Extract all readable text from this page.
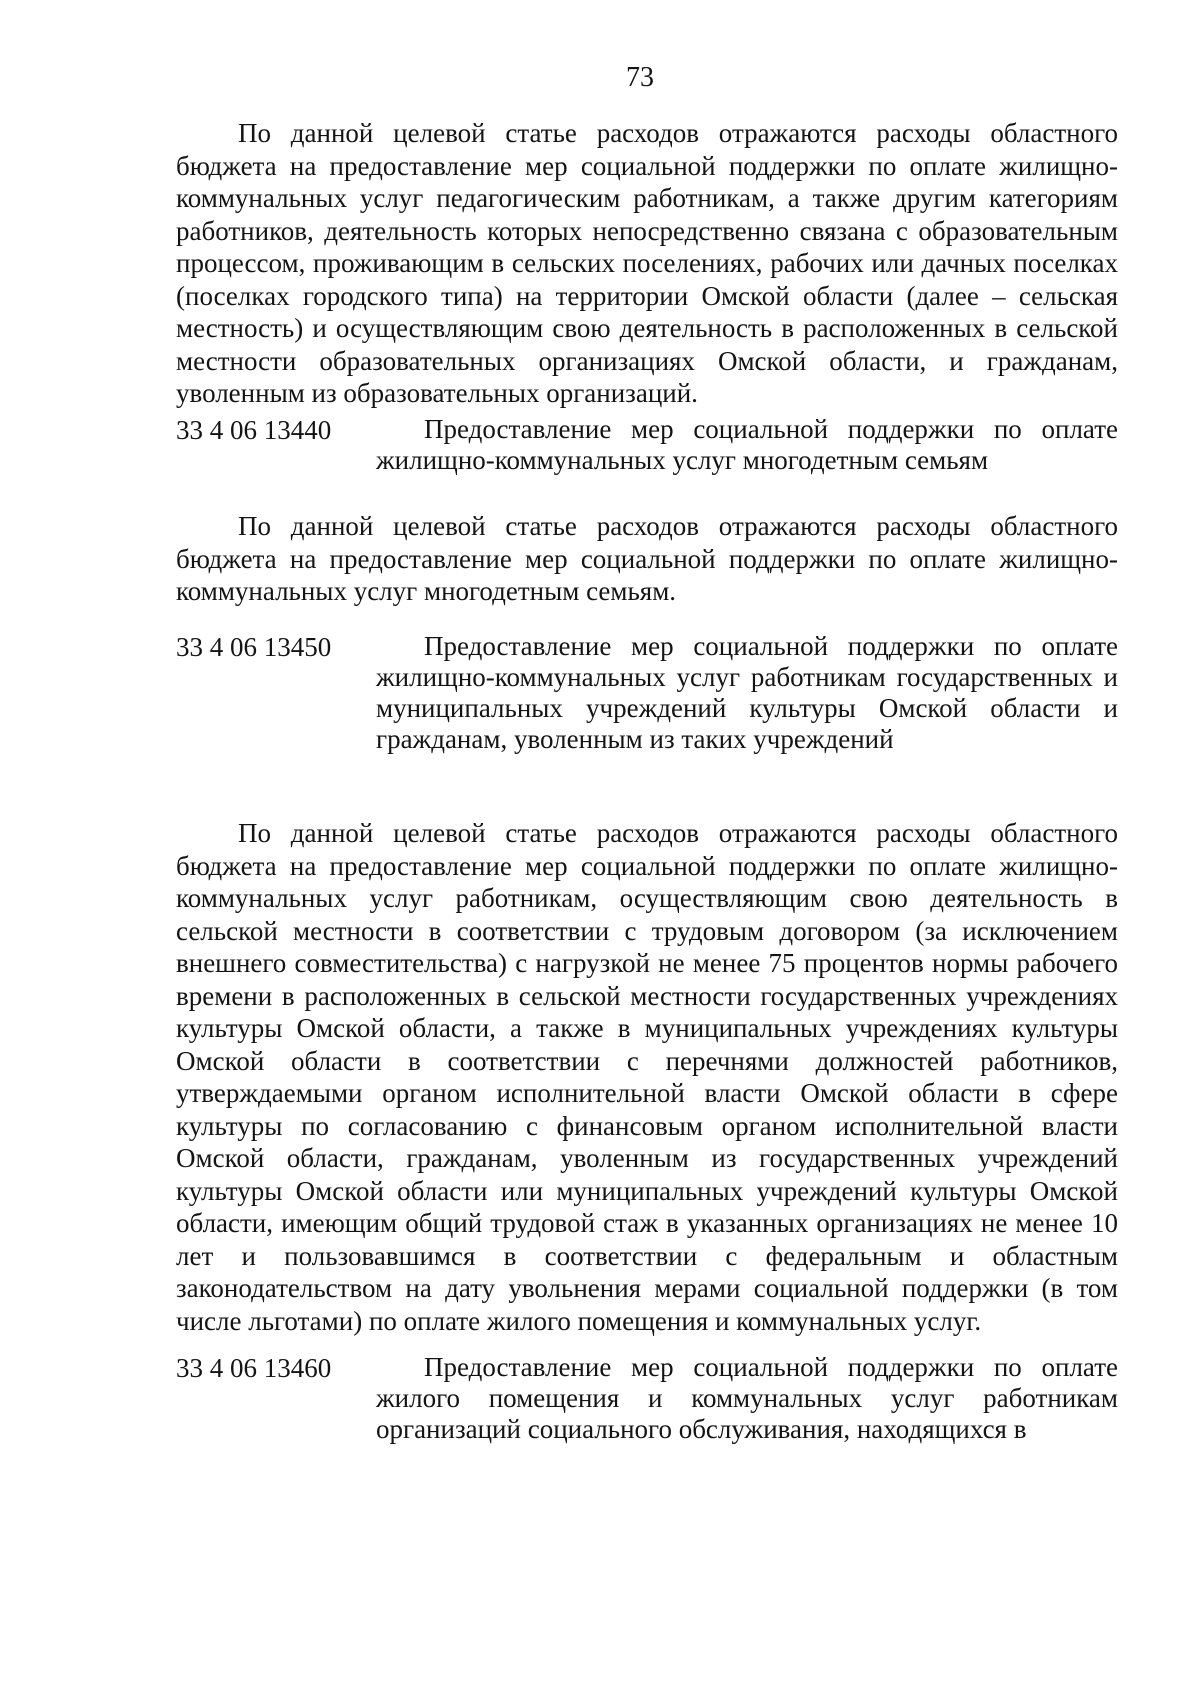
73

По данной целевой статье расходов отражаются расходы областного бюджета на предоставление мер социальной поддержки по оплате жилищно-коммунальных услуг педагогическим работникам, а также другим категориям работников, деятельность которых непосредственно связана с образовательным процессом, проживающим в сельских поселениях, рабочих или дачных поселках (поселках городского типа) на территории Омской области (далее – сельская местность) и осуществляющим свою деятельность в расположенных в сельской местности образовательных организациях Омской области, и гражданам, уволенным из образовательных организаций.

33 4 06 13440	Предоставление мер социальной поддержки по оплате жилищно-коммунальных услуг многодетным семьям

По данной целевой статье расходов отражаются расходы областного бюджета на предоставление мер социальной поддержки по оплате жилищно-коммунальных услуг многодетным семьям.

33 4 06 13450	Предоставление мер социальной поддержки по оплате жилищно-коммунальных услуг работникам государственных и муниципальных учреждений культуры Омской области и гражданам, уволенным из таких учреждений

По данной целевой статье расходов отражаются расходы областного бюджета на предоставление мер социальной поддержки по оплате жилищно-коммунальных услуг работникам, осуществляющим свою деятельность в сельской местности в соответствии с трудовым договором (за исключением внешнего совместительства) с нагрузкой не менее 75 процентов нормы рабочего времени в расположенных в сельской местности государственных учреждениях культуры Омской области, а также в муниципальных учреждениях культуры Омской области в соответствии с перечнями должностей работников, утверждаемыми органом исполнительной власти Омской области в сфере культуры по согласованию с финансовым органом исполнительной власти Омской области, гражданам, уволенным из государственных учреждений культуры Омской области или муниципальных учреждений культуры Омской области, имеющим общий трудовой стаж в указанных организациях не менее 10 лет и пользовавшимся в соответствии с федеральным и областным законодательством на дату увольнения мерами социальной поддержки (в том числе льготами) по оплате жилого помещения и коммунальных услуг.

33 4 06 13460	Предоставление мер социальной поддержки по оплате жилого помещения и коммунальных услуг работникам организаций социального обслуживания, находящихся в
